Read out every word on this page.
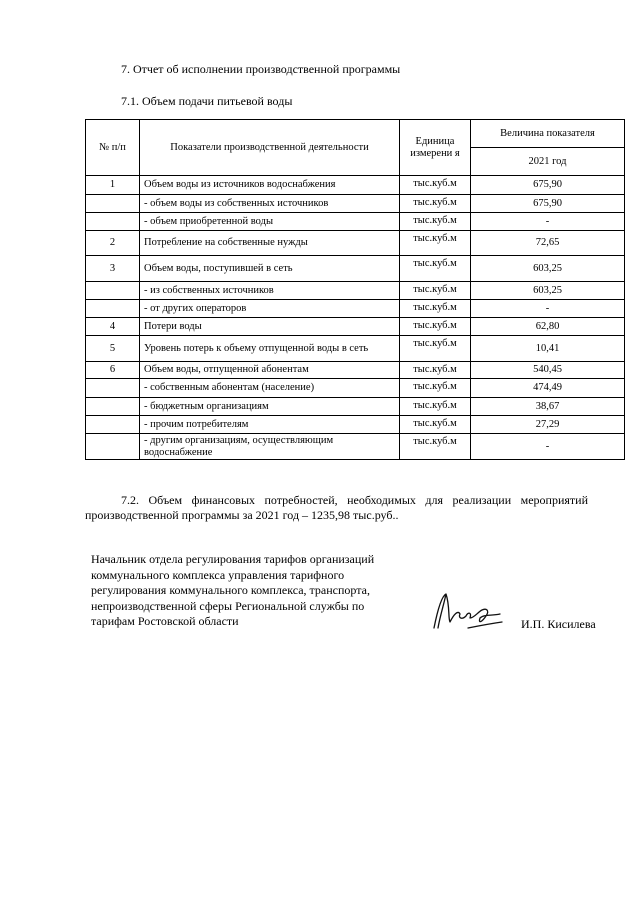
7. Отчет об исполнении производственной программы
7.1. Объем подачи питьевой воды
№ п/п	Показатели производственной деятельности	Единица измерени я	Величина показателя
			2021 год
1	Объем воды из источников водоснабжения	тыс.куб.м	675,90
	- объем воды из собственных источников	тыс.куб.м	675,90
	- объем приобретенной воды	тыс.куб.м	-
2	Потребление на собственные нужды	тыс.куб.м	72,65
3	Объем воды, поступившей в сеть	тыс.куб.м	603,25
	- из собственных источников	тыс.куб.м	603,25
	- от других операторов	тыс.куб.м	-
4	Потери воды	тыс.куб.м	62,80
5	Уровень потерь к объему отпущенной воды в сеть	тыс.куб.м	10,41
6	Объем воды, отпущенной абонентам	тыс.куб.м	540,45
	- собственным абонентам (население)	тыс.куб.м	474,49
	- бюджетным организациям	тыс.куб.м	38,67
	- прочим потребителям	тыс.куб.м	27,29
	- другим организациям, осуществляющим водоснабжение	тыс.куб.м	-
7.2. Объем финансовых потребностей, необходимых для реализации мероприятий производственной программы за 2021 год – 1235,98 тыс.руб..
Начальник отдела регулирования тарифов организаций
коммунального комплекса управления тарифного
регулирования коммунального комплекса, транспорта,
непроизводственной сферы Региональной службы по
тарифам Ростовской области	И.П. Кисилева
